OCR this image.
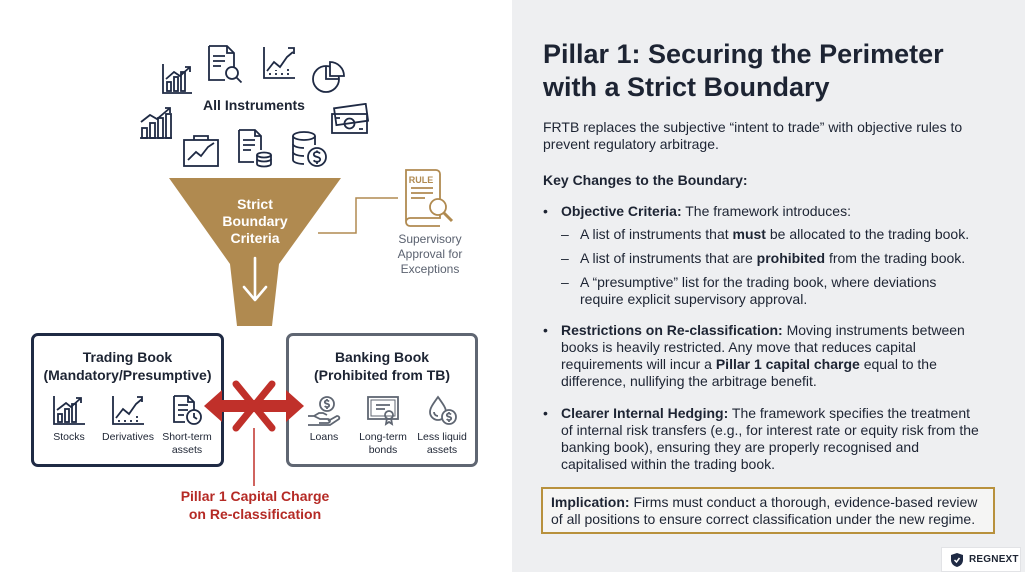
All Instruments
Strict
Boundary
Criteria
RULE
Supervisory
Approval for
Exceptions
Trading Book
(Mandatory/Presumptive)
Stocks	Derivatives Short-term
assets
Banking Book
(Prohibited from TB)
Loans	Long-term
bonds
Less liquid
assets
Pillar 1 Capital Charge
on Re-classification
Pillar 1: Securing the Perimeter
with a Strict Boundary
FRTB replaces the subjective “intent to trade” with objective rules to
prevent regulatory arbitrage.
Key Changes to the Boundary:
• Objective Criteria: The framework introduces:
– A list of instruments that must be allocated to the trading book.
– A list of instruments that are prohibited from the trading book.
– A “presumptive” list for the trading book, where deviations
require explicit supervisory approval.
• Restrictions on Re-classification: Moving instruments between
books is heavily restricted. Any move that reduces capital
requirements will incur a Pillar 1 capital charge equal to the
difference, nullifying the arbitrage benefit.
• Clearer Internal Hedging: The framework specifies the treatment
of internal risk transfers (e.g., for interest rate or equity risk from the
banking book), ensuring they are properly recognised and
capitalised within the trading book.
Implication: Firms must conduct a thorough, evidence-based review
of all positions to ensure correct classification under the new regime.
REGNEXT
